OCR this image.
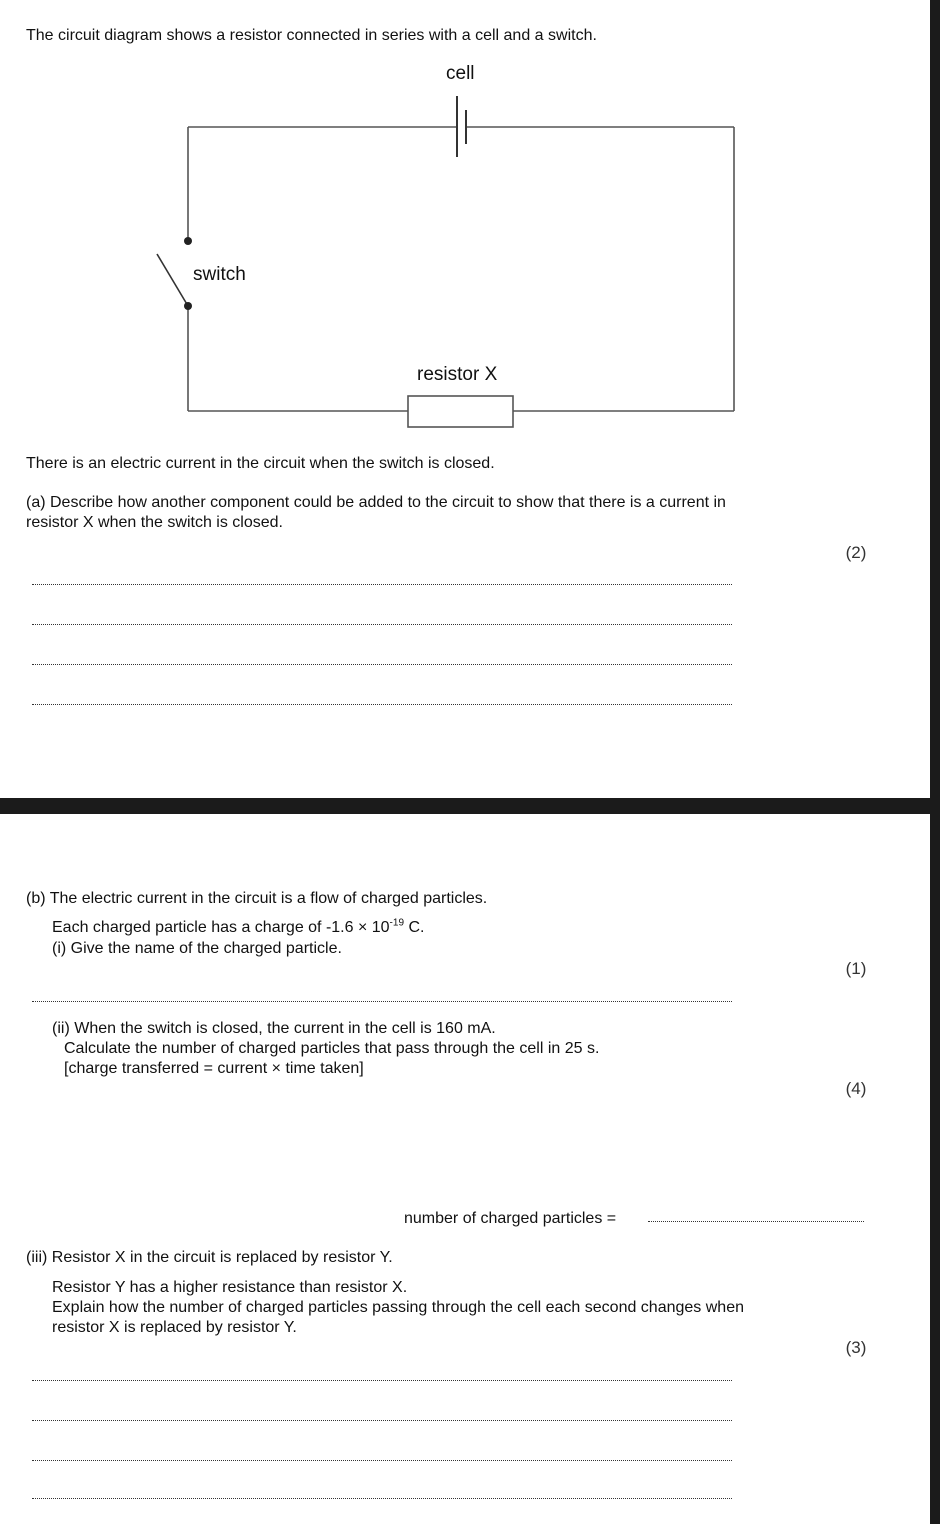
The circuit diagram shows a resistor connected in series with a cell and a switch.

cell
switch
resistor X

There is an electric current in the circuit when the switch is closed.

(a) Describe how another component could be added to the circuit to show that there is a current in

resistor X when the switch is closed.

(2)

(b) The electric current in the circuit is a flow of charged particles.

Each charged particle has a charge of $-1.6 \times 10^{-19}$ C.

(i) Give the name of the charged particle.

(1)

(ii) When the switch is closed, the current in the cell is 160 mA.

Calculate the number of charged particles that pass through the cell in 25 s.

[charge transferred = current × time taken]

(4)

number of charged particles =

(iii) Resistor X in the circuit is replaced by resistor Y.

Resistor Y has a higher resistance than resistor X.

Explain how the number of charged particles passing through the cell each second changes when

resistor X is replaced by resistor Y.

(3)
